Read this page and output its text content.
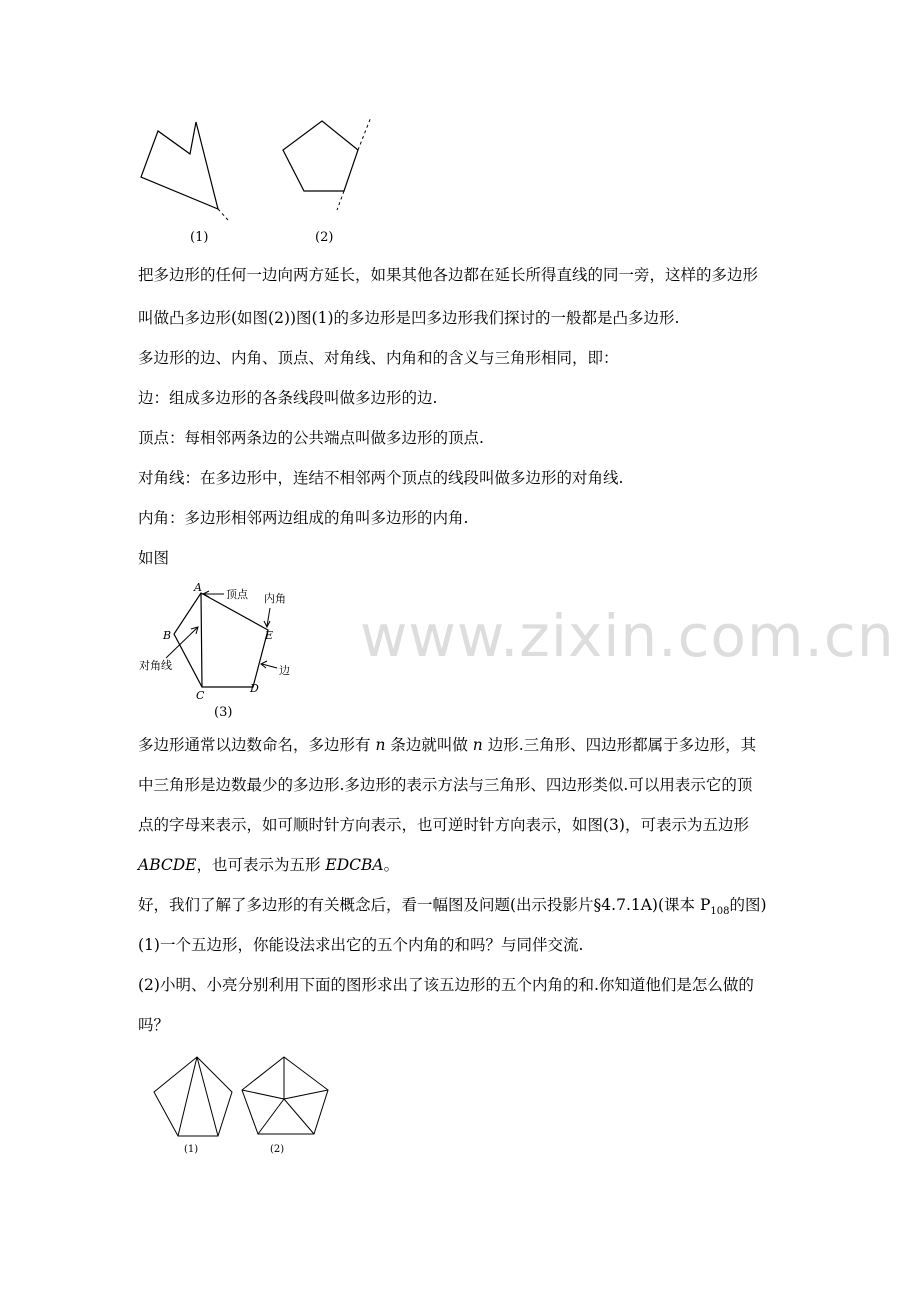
(1)	(2)
把多边形的任何一边向两方延长，如果其他各边都在延长所得直线的同一旁，这样的多边形
叫做凸多边形(如图(2))图(1)的多边形是凹多边形我们探讨的一般都是凸多边形.
多边形的边、内角、顶点、对角线、内角和的含义与三角形相同，即：
边：组成多边形的各条线段叫做多边形的边.
顶点：每相邻两条边的公共端点叫做多边形的顶点.
对角线：在多边形中，连结不相邻两个顶点的线段叫做多边形的对角线.
内角：多边形相邻两边组成的角叫多边形的内角.
如图
www.zixin.com.cn
A
B
C
D
E
顶点 内角
对角线	边
(3)
多边形通常以边数命名，多边形有 n 条边就叫做 n 边形.三角形、四边形都属于多边形，其
中三角形是边数最少的多边形.多边形的表示方法与三角形、四边形类似.可以用表示它的顶
点的字母来表示，如可顺时针方向表示，也可逆时针方向表示，如图(3)，可表示为五边形
ABCDE，也可表示为五形 EDCBA。
好，我们了解了多边形的有关概念后，看一幅图及问题(出示投影片§4.7.1A)(课本 $P_{108}$的图)
(1)一个五边形，你能设法求出它的五个内角的和吗？与同伴交流.
(2)小明、小亮分别利用下面的图形求出了该五边形的五个内角的和.你知道他们是怎么做的
吗？
(1)	(2)
